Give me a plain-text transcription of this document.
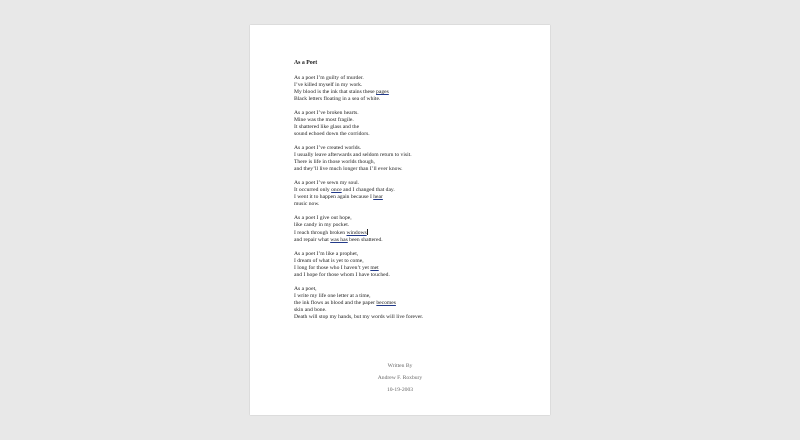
As a Poet
As a poet I’m guilty of murder.
I’ve killed myself in my work.
My blood is the ink that stains these pages
Black letters floating in a sea of white.
As a poet I’ve broken hearts.
Mine was the most fragile.
It shattered like glass and the
sound echoed down the corridors.
As a poet I’ve created worlds.
I usually leave afterwards and seldom return to visit.
There is life in those worlds though,
and they’ll live much longer than I’ll ever know.
As a poet I’ve sewn my soul.
It occurred only once and I changed that day.
I went it to happen again because I hear
music now.
As a poet I give out hope,
like candy in my pocket.
I reach through broken windows
and repair what was has been shattered.
As a poet I’m like a prophet,
I dream of what is yet to come,
I long for those who I haven’t yet met
and I hope for those whom I have touched.
As a poet,
I write my life one letter at a time,
the ink flows as blood and the paper becomes
skin and bone.
Death will stop my hands, but my words will live forever.
Written By
Andrew F. Roxbury
10-19-2003
